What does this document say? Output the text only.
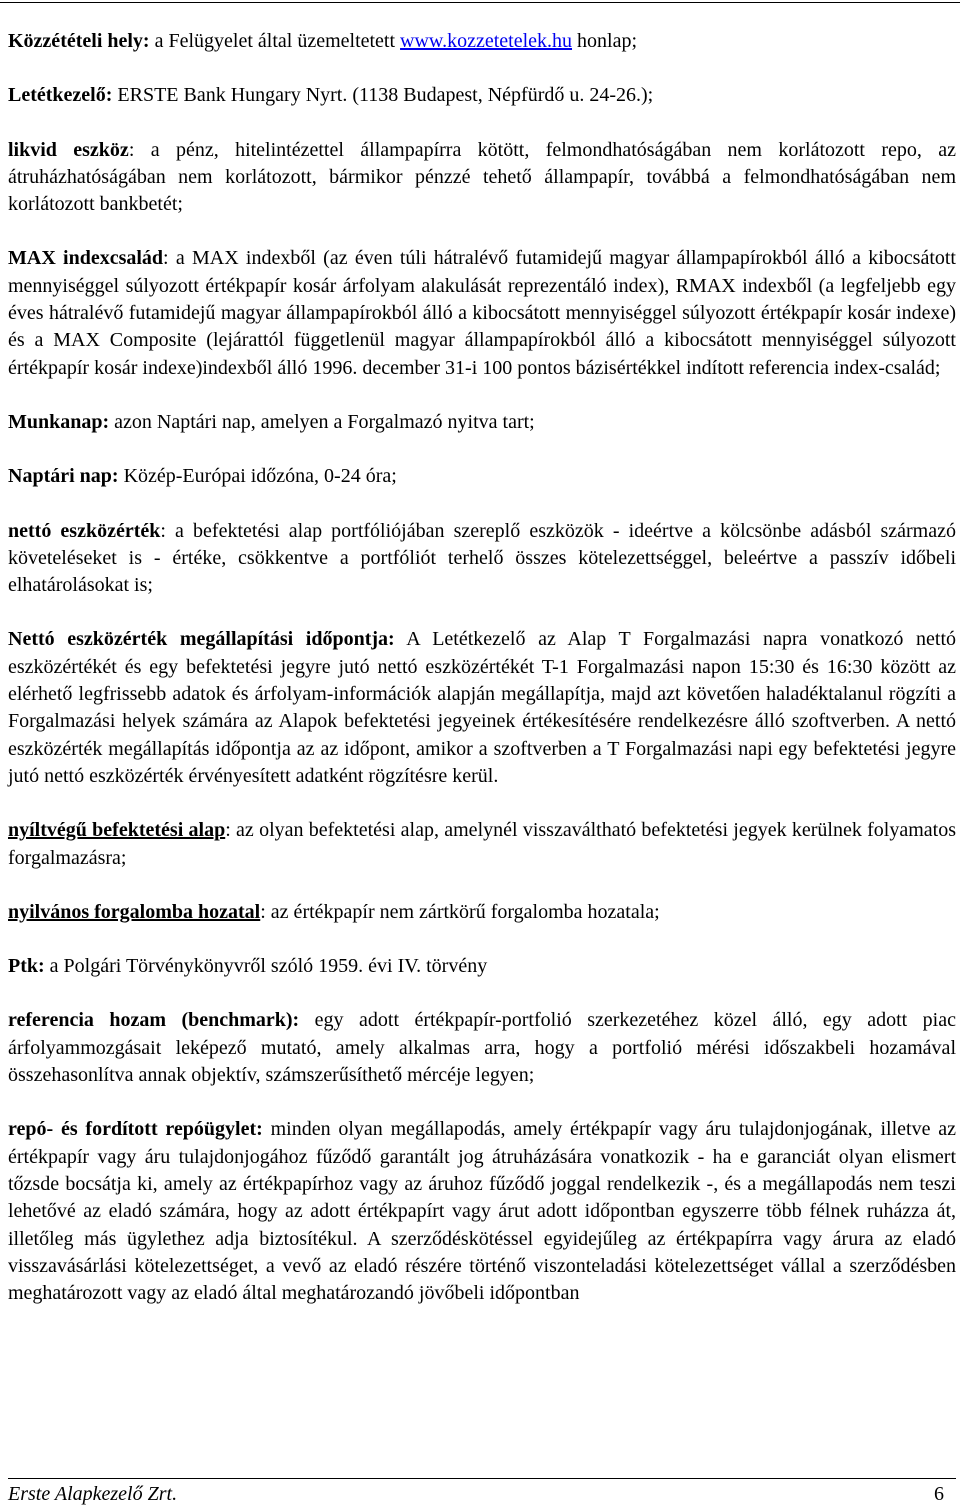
Közzétételi hely: a Felügyelet által üzemeltetett www.kozzetetelek.hu honlap;

Letétkezelő: ERSTE Bank Hungary Nyrt. (1138 Budapest, Népfürdő u. 24-26.);

likvid eszköz: a pénz, hitelintézettel állampapírra kötött, felmondhatóságában nem korlátozott repo, az átruházhatóságában nem korlátozott, bármikor pénzzé tehető állampapír, továbbá a felmondhatóságában nem korlátozott bankbetét;

MAX indexcsalád: a MAX indexből (az éven túli hátralévő futamidejű magyar állampapírokból álló a kibocsátott mennyiséggel súlyozott értékpapír kosár árfolyam alakulását reprezentáló index), RMAX indexből (a legfeljebb egy éves hátralévő futamidejű magyar állampapírokból álló a kibocsátott mennyiséggel súlyozott értékpapír kosár indexe) és a MAX Composite (lejárattól függetlenül magyar állampapírokból álló a kibocsátott mennyiséggel súlyozott értékpapír kosár indexe)indexből álló 1996. december 31-i 100 pontos bázisértékkel indított referencia index-család;

Munkanap: azon Naptári nap, amelyen a Forgalmazó nyitva tart;

Naptári nap: Közép-Európai időzóna, 0-24 óra;

nettó eszközérték: a befektetési alap portfóliójában szereplő eszközök - ideértve a kölcsönbe adásból származó követeléseket is - értéke, csökkentve a portfóliót terhelő összes kötelezettséggel, beleértve a passzív időbeli elhatárolásokat is;

Nettó eszközérték megállapítási időpontja: A Letétkezelő az Alap T Forgalmazási napra vonatkozó nettó eszközértékét és egy befektetési jegyre jutó nettó eszközértékét T-1 Forgalmazási napon 15:30 és 16:30 között az elérhető legfrissebb adatok és árfolyam-információk alapján megállapítja, majd azt követően haladéktalanul rögzíti a Forgalmazási helyek számára az Alapok befektetési jegyeinek értékesítésére rendelkezésre álló szoftverben. A nettó eszközérték megállapítás időpontja az az időpont, amikor a szoftverben a T Forgalmazási napi egy befektetési jegyre jutó nettó eszközérték érvényesített adatként rögzítésre kerül.

nyíltvégű befektetési alap: az olyan befektetési alap, amelynél visszaváltható befektetési jegyek kerülnek folyamatos forgalmazásra;

nyilvános forgalomba hozatal: az értékpapír nem zártkörű forgalomba hozatala;

Ptk: a Polgári Törvénykönyvről szóló 1959. évi IV. törvény

referencia hozam (benchmark): egy adott értékpapír-portfolió szerkezetéhez közel álló, egy adott piac árfolyammozgásait leképező mutató, amely alkalmas arra, hogy a portfolió mérési időszakbeli hozamával összehasonlítva annak objektív, számszerűsíthető mércéje legyen;

repó- és fordított repóügylet: minden olyan megállapodás, amely értékpapír vagy áru tulajdonjogának, illetve az értékpapír vagy áru tulajdonjogához fűződő garantált jog átruházására vonatkozik - ha e garanciát olyan elismert tőzsde bocsátja ki, amely az értékpapírhoz vagy az áruhoz fűződő joggal rendelkezik -, és a megállapodás nem teszi lehetővé az eladó számára, hogy az adott értékpapírt vagy árut adott időpontban egyszerre több félnek ruházza át, illetőleg más ügylethez adja biztosítékul. A szerződéskötéssel egyidejűleg az értékpapírra vagy árura az eladó visszavásárlási kötelezettséget, a vevő az eladó részére történő viszonteladási kötelezettséget vállal a szerződésben meghatározott vagy az eladó által meghatározandó jövőbeli időpontban

Erste Alapkezelő Zrt.	6
